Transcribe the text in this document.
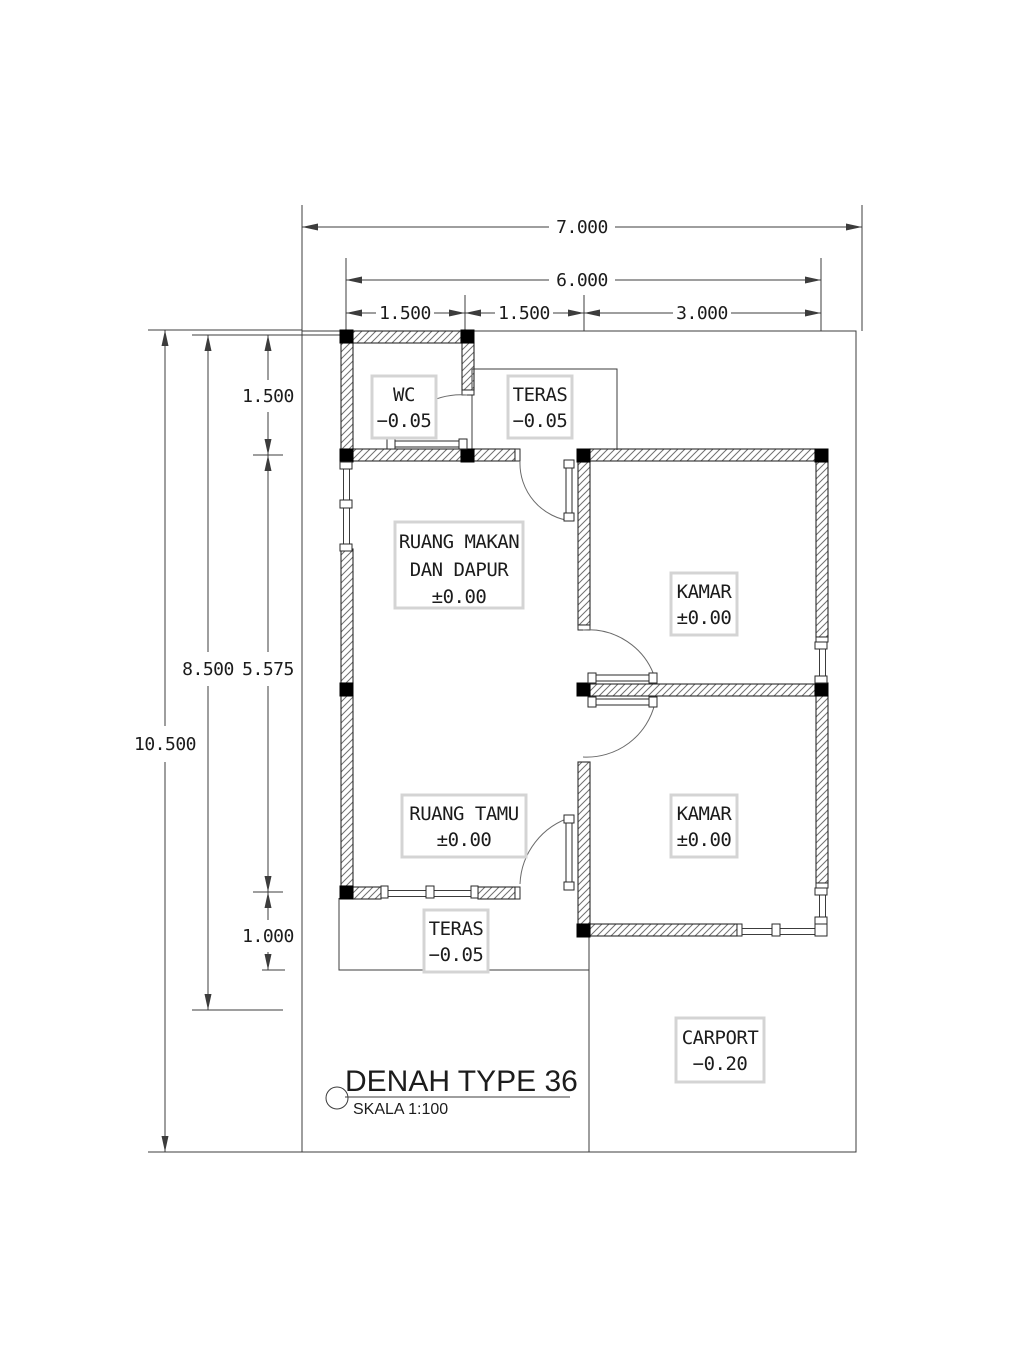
7.000
6.000
1.500	1.500	3.000
10.500
8.500
1.500
5.575
1.000
WC
−0.05
TERAS
−0.05
RUANG MAKAN
DAN DAPUR
±0.00	KAMAR
±0.00
RUANG TAMU
±0.00
KAMAR
±0.00
TERAS
−0.05
CARPORT
−0.20
DENAH TYPE 36
SKALA 1:100
